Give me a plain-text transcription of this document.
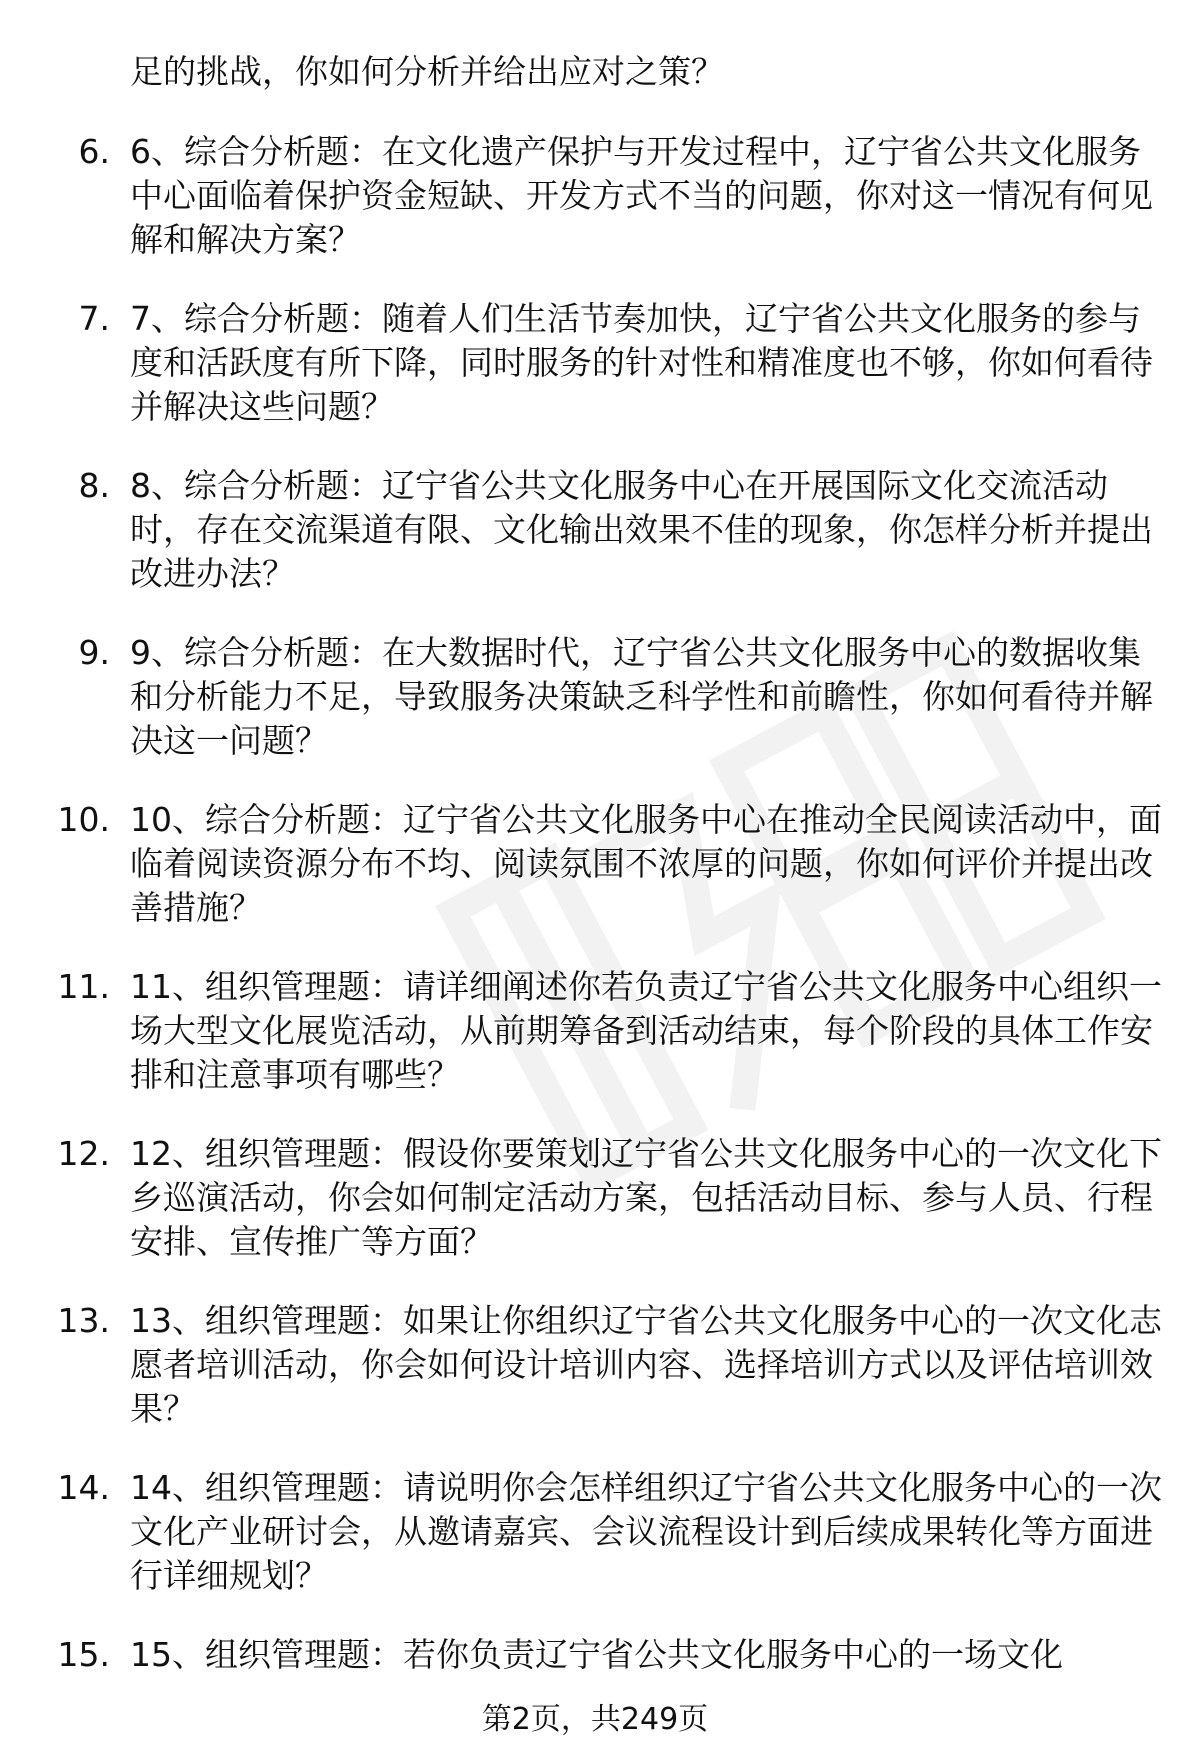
足的挑战，你如何分析并给出应对之策？
6. 6、综合分析题：在文化遗产保护与开发过程中，辽宁省公共文化服务中心面临着保护资金短缺、开发方式不当的问题，你对这一情况有何见解和解决方案？
7. 7、综合分析题：随着人们生活节奏加快，辽宁省公共文化服务的参与度和活跃度有所下降，同时服务的针对性和精准度也不够，你如何看待并解决这些问题？
8. 8、综合分析题：辽宁省公共文化服务中心在开展国际文化交流活动时，存在交流渠道有限、文化输出效果不佳的现象，你怎样分析并提出改进办法？
9. 9、综合分析题：在大数据时代，辽宁省公共文化服务中心的数据收集和分析能力不足，导致服务决策缺乏科学性和前瞻性，你如何看待并解决这一问题？
10. 10、综合分析题：辽宁省公共文化服务中心在推动全民阅读活动中，面临着阅读资源分布不均、阅读氛围不浓厚的问题，你如何评价并提出改善措施？
11. 11、组织管理题：请详细阐述你若负责辽宁省公共文化服务中心组织一场大型文化展览活动，从前期筹备到活动结束，每个阶段的具体工作安排和注意事项有哪些？
12. 12、组织管理题：假设你要策划辽宁省公共文化服务中心的一次文化下乡巡演活动，你会如何制定活动方案，包括活动目标、参与人员、行程安排、宣传推广等方面？
13. 13、组织管理题：如果让你组织辽宁省公共文化服务中心的一次文化志愿者培训活动，你会如何设计培训内容、选择培训方式以及评估培训效果？
14. 14、组织管理题：请说明你会怎样组织辽宁省公共文化服务中心的一次文化产业研讨会，从邀请嘉宾、会议流程设计到后续成果转化等方面进行详细规划？
15. 15、组织管理题：若你负责辽宁省公共文化服务中心的一场文化
第2页，共249页
